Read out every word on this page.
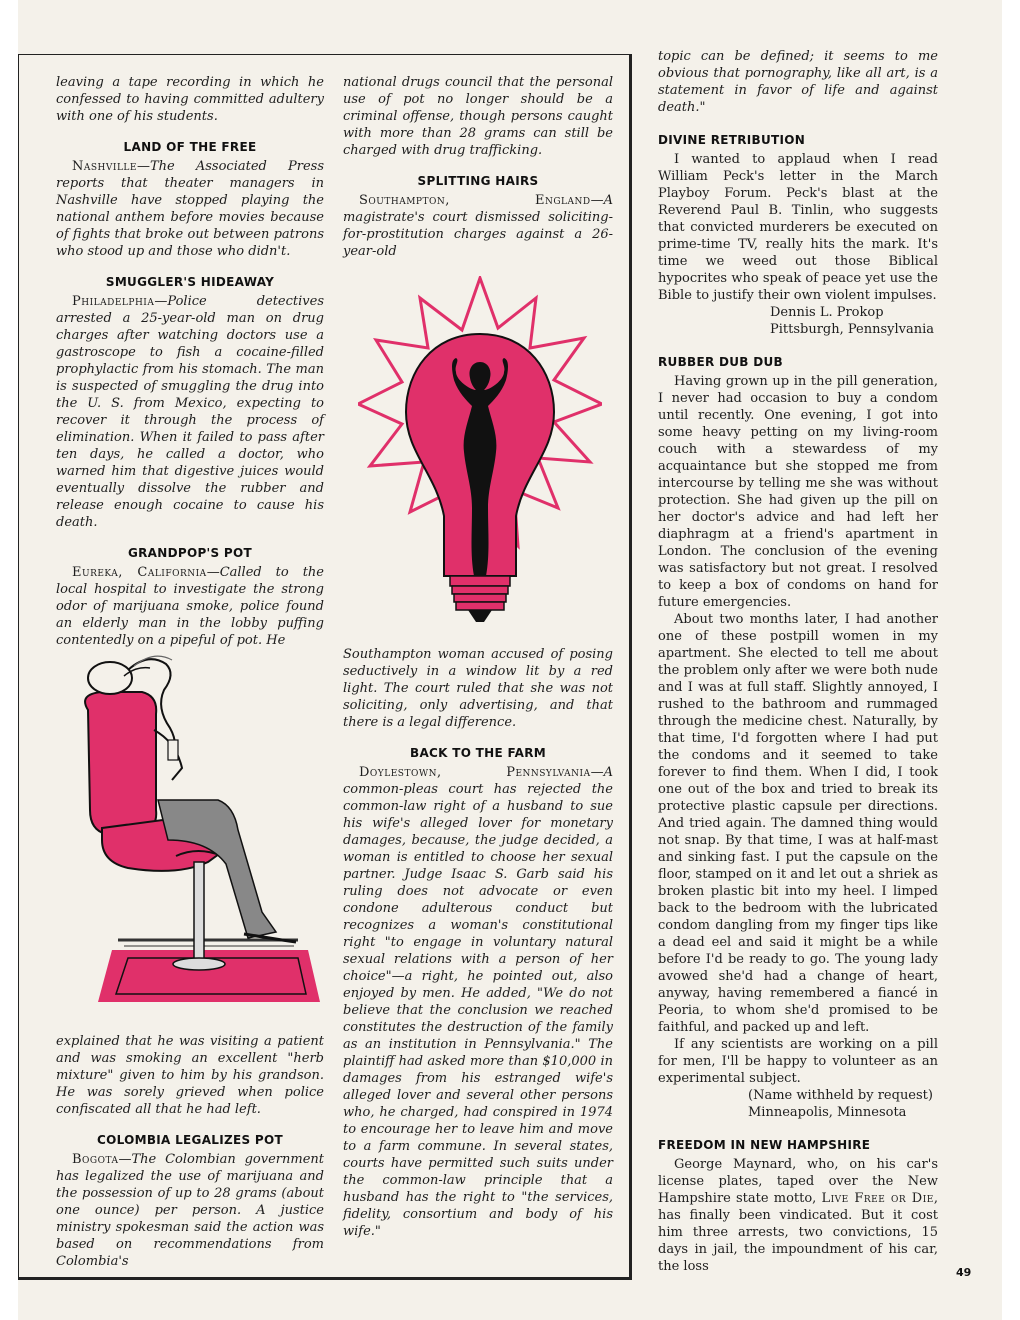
leaving a tape recording in which he confessed to having committed adultery with one of his students.

LAND OF THE FREE

Nashville—The Associated Press reports that theater managers in Nashville have stopped playing the national anthem before movies because of fights that broke out between patrons who stood up and those who didn't.

SMUGGLER'S HIDEAWAY

Philadelphia—Police detectives arrested a 25-year-old man on drug charges after watching doctors use a gastroscope to fish a cocaine-filled prophylactic from his stomach. The man is suspected of smuggling the drug into the U. S. from Mexico, expecting to recover it through the process of elimination. When it failed to pass after ten days, he called a doctor, who warned him that digestive juices would eventually dissolve the rubber and release enough cocaine to cause his death.

GRANDPOP'S POT

Eureka, California—Called to the local hospital to investigate the strong odor of marijuana smoke, police found an elderly man in the lobby puffing contentedly on a pipeful of pot. He

explained that he was visiting a patient and was smoking an excellent "herb mixture" given to him by his grandson. He was sorely grieved when police confiscated all that he had left.

COLOMBIA LEGALIZES POT

Bogota—The Colombian government has legalized the use of marijuana and the possession of up to 28 grams (about one ounce) per person. A justice ministry spokesman said the action was based on recommendations from Colombia's

national drugs council that the personal use of pot no longer should be a criminal offense, though persons caught with more than 28 grams can still be charged with drug trafficking.

SPLITTING HAIRS

Southampton, England—A magistrate's court dismissed soliciting-for-prostitution charges against a 26-year-old

Southampton woman accused of posing seductively in a window lit by a red light. The court ruled that she was not soliciting, only advertising, and that there is a legal difference.

BACK TO THE FARM

Doylestown, Pennsylvania—A common-pleas court has rejected the common-law right of a husband to sue his wife's alleged lover for monetary damages, because, the judge decided, a woman is entitled to choose her sexual partner. Judge Isaac S. Garb said his ruling does not advocate or even condone adulterous conduct but recognizes a woman's constitutional right "to engage in voluntary natural sexual relations with a person of her choice"—a right, he pointed out, also enjoyed by men. He added, "We do not believe that the conclusion we reached constitutes the destruction of the family as an institution in Pennsylvania." The plaintiff had asked more than $10,000 in damages from his estranged wife's alleged lover and several other persons who, he charged, had conspired in 1974 to encourage her to leave him and move to a farm commune. In several states, courts have permitted such suits under the common-law principle that a husband has the right to "the services, fidelity, consortium and body of his wife."

topic can be defined; it seems to me obvious that pornography, like all art, is a statement in favor of life and against death."

DIVINE RETRIBUTION

I wanted to applaud when I read William Peck's letter in the March Playboy Forum. Peck's blast at the Reverend Paul B. Tinlin, who suggests that convicted murderers be executed on prime-time TV, really hits the mark. It's time we weed out those Biblical hypocrites who speak of peace yet use the Bible to justify their own violent impulses.

Dennis L. Prokop
Pittsburgh, Pennsylvania
RUBBER DUB DUB

Having grown up in the pill generation, I never had occasion to buy a condom until recently. One evening, I got into some heavy petting on my living-room couch with a stewardess of my acquaintance but she stopped me from intercourse by telling me she was without protection. She had given up the pill on her doctor's advice and had left her diaphragm at a friend's apartment in London. The conclusion of the evening was satisfactory but not great. I resolved to keep a box of condoms on hand for future emergencies.

About two months later, I had another one of these postpill women in my apartment. She elected to tell me about the problem only after we were both nude and I was at full staff. Slightly annoyed, I rushed to the bathroom and rummaged through the medicine chest. Naturally, by that time, I'd forgotten where I had put the condoms and it seemed to take forever to find them. When I did, I took one out of the box and tried to break its protective plastic capsule per directions. And tried again. The damned thing would not snap. By that time, I was at half-mast and sinking fast. I put the capsule on the floor, stamped on it and let out a shriek as broken plastic bit into my heel. I limped back to the bedroom with the lubricated condom dangling from my finger tips like a dead eel and said it might be a while before I'd be ready to go. The young lady avowed she'd had a change of heart, anyway, having remembered a fiancé in Peoria, to whom she'd promised to be faithful, and packed up and left.

If any scientists are working on a pill for men, I'll be happy to volunteer as an experimental subject.

(Name withheld by request)
Minneapolis, Minnesota
FREEDOM IN NEW HAMPSHIRE

George Maynard, who, on his car's license plates, taped over the New Hampshire state motto, Live Free or Die, has finally been vindicated. But it cost him three arrests, two convictions, 15 days in jail, the impoundment of his car, the loss	49
